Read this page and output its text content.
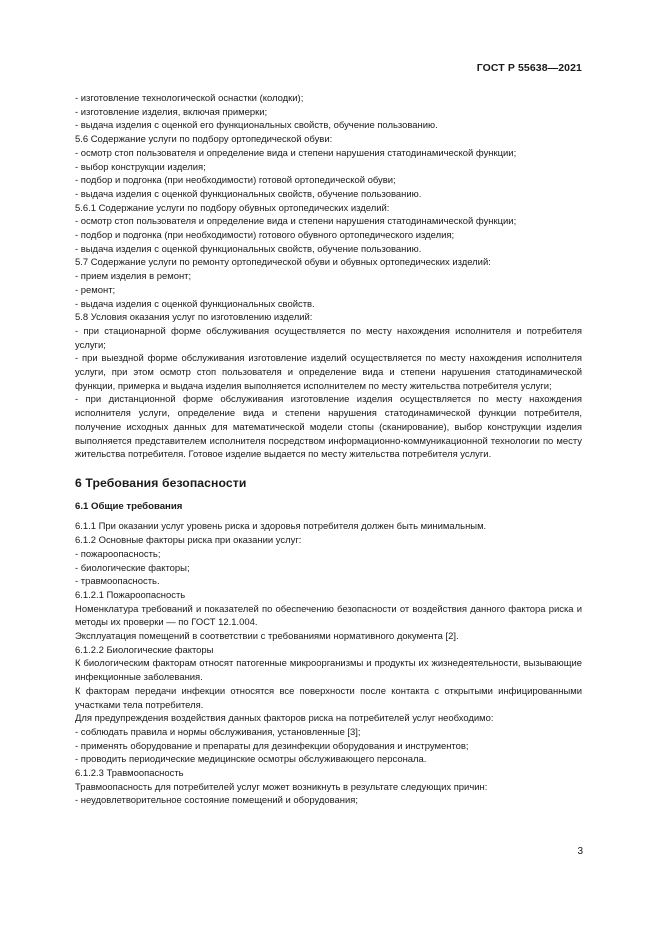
ГОСТ Р 55638—2021

- изготовление технологической оснастки (колодки);

- изготовление изделия, включая примерки;

- выдача изделия с оценкой его функциональных свойств, обучение пользованию.

5.6 Содержание услуги по подбору ортопедической обуви:

- осмотр стоп пользователя и определение вида и степени нарушения статодинамической функции;

- выбор конструкции изделия;

- подбор и подгонка (при необходимости) готовой ортопедической обуви;

- выдача изделия с оценкой функциональных свойств, обучение пользованию.

5.6.1 Содержание услуги по подбору обувных ортопедических изделий:

- осмотр стоп пользователя и определение вида и степени нарушения статодинамической функции;

- подбор и подгонка (при необходимости) готового обувного ортопедического изделия;

- выдача изделия с оценкой функциональных свойств, обучение пользованию.

5.7 Содержание услуги по ремонту ортопедической обуви и обувных ортопедических изделий:

- прием изделия в ремонт;

- ремонт;

- выдача изделия с оценкой функциональных свойств.

5.8 Условия оказания услуг по изготовлению изделий:

- при стационарной форме обслуживания осуществляется по месту нахождения исполнителя и потребителя услуги;

- при выездной форме обслуживания изготовление изделий осуществляется по месту нахождения исполнителя услуги, при этом осмотр стоп пользователя и определение вида и степени нарушения статодинамической функции, примерка и выдача изделия выполняется исполнителем по месту жительства потребителя услуги;

- при дистанционной форме обслуживания изготовление изделия осуществляется по месту нахождения исполнителя услуги, определение вида и степени нарушения статодинамической функции потребителя, получение исходных данных для математической модели стопы (сканирование), выбор конструкции изделия выполняется представителем исполнителя посредством информационно-коммуникационной технологии по месту жительства потребителя. Готовое изделие выдается по месту жительства потребителя услуги.

6 Требования безопасности
6.1 Общие требования

6.1.1 При оказании услуг уровень риска и здоровья потребителя должен быть минимальным.

6.1.2 Основные факторы риска при оказании услуг:

- пожароопасность;

- биологические факторы;

- травмоопасность.

6.1.2.1 Пожароопасность

Номенклатура требований и показателей по обеспечению безопасности от воздействия данного фактора риска и методы их проверки — по ГОСТ 12.1.004.

Эксплуатация помещений в соответствии с требованиями нормативного документа [2].

6.1.2.2 Биологические факторы

К биологическим факторам относят патогенные микроорганизмы и продукты их жизнедеятельности, вызывающие инфекционные заболевания.

К факторам передачи инфекции относятся все поверхности после контакта с открытыми инфицированными участками тела потребителя.

Для предупреждения воздействия данных факторов риска на потребителей услуг необходимо:

- соблюдать правила и нормы обслуживания, установленные [3];

- применять оборудование и препараты для дезинфекции оборудования и инструментов;

- проводить периодические медицинские осмотры обслуживающего персонала.

6.1.2.3 Травмоопасность

Травмоопасность для потребителей услуг может возникнуть в результате следующих причин:

- неудовлетворительное состояние помещений и оборудования;

3
